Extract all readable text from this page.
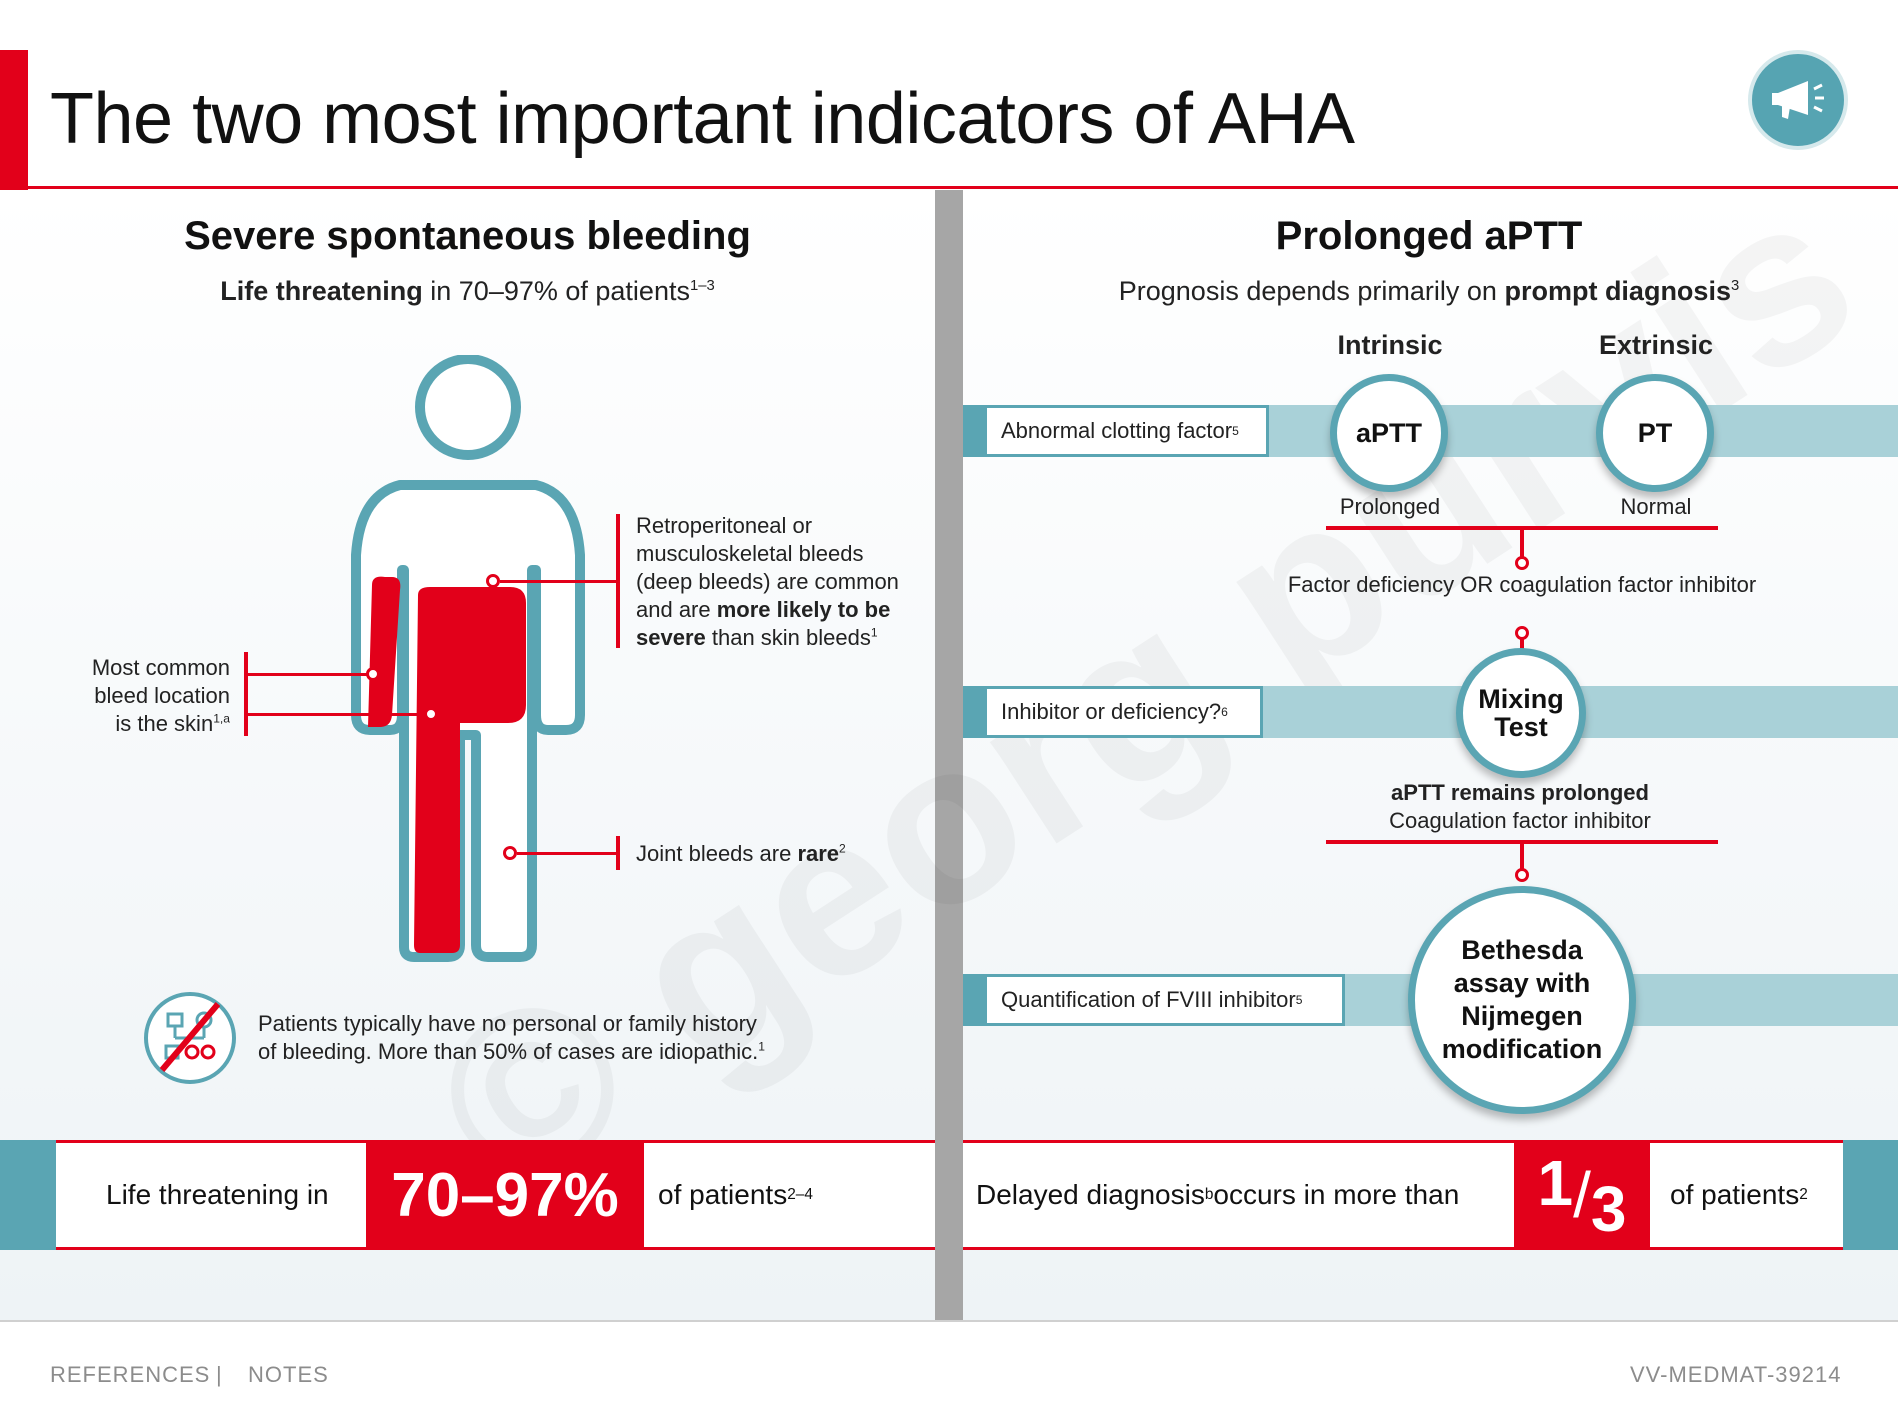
The two most important indicators of AHA
Severe spontaneous bleeding
Life threatening in 70–97% of patients$^{1-3}$
Retroperitoneal or
musculoskeletal bleeds
(deep bleeds) are common
and are more likely to be
severe than skin bleeds$^1$
Most common
bleed location
is the skin$^{1,a}$
Joint bleeds are rare$^2$
Patients typically have no personal or family history
of bleeding. More than 50% of cases are idiopathic.$^1$
Life threatening in	70–97%	of patients 2–4
Prolonged aPTT
Prognosis depends primarily on prompt diagnosis$^3$
Intrinsic	Extrinsic
Abnormal clotting factor 5	aPTT	PT
Prolonged	Normal
Factor deficiency OR coagulation factor inhibitor
Inhibitor or deficiency? 6	Mixing
Test
aPTT remains prolonged
Coagulation factor inhibitor
Quantification of FVIII inhibitor 5
Bethesda
assay with
Nijmegen
modification
Delayed diagnosis b occurs in more than 1 / 3 of patients 2
REFERENCES | NOTES	VV-MEDMAT-39214
